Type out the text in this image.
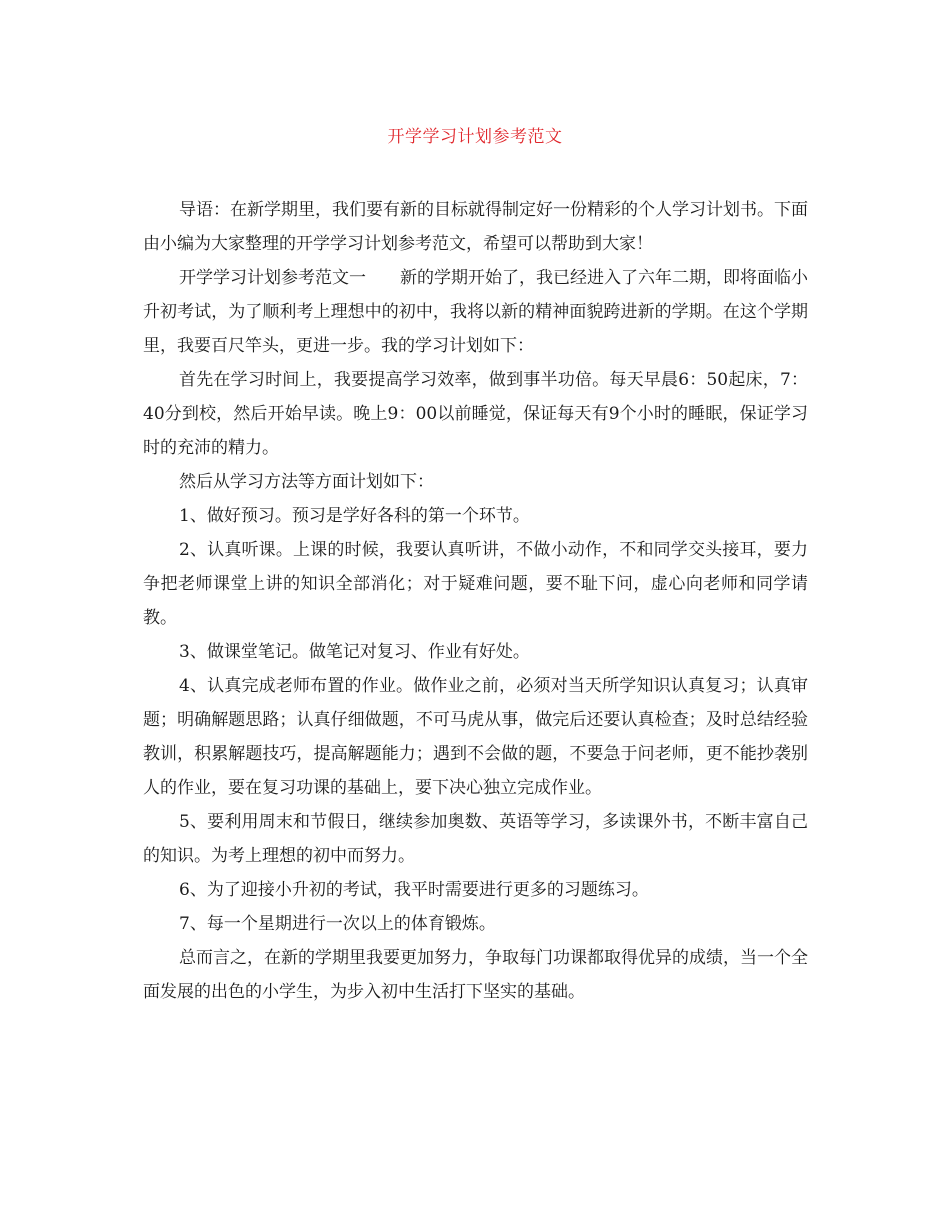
开学学习计划参考范文

导语：在新学期里，我们要有新的目标就得制定好一份精彩的个人学习计划书。下面由小编为大家整理的开学学习计划参考范文，希望可以帮助到大家！

开学学习计划参考范文一　　新的学期开始了，我已经进入了六年二期，即将面临小升初考试，为了顺利考上理想中的初中，我将以新的精神面貌跨进新的学期。在这个学期里，我要百尺竿头，更进一步。我的学习计划如下：

首先在学习时间上，我要提高学习效率，做到事半功倍。每天早晨6：50起床，7：40分到校，然后开始早读。晚上9：00以前睡觉，保证每天有9个小时的睡眠，保证学习时的充沛的精力。

然后从学习方法等方面计划如下：

1、做好预习。预习是学好各科的第一个环节。

2、认真听课。上课的时候，我要认真听讲，不做小动作，不和同学交头接耳，要力争把老师课堂上讲的知识全部消化；对于疑难问题，要不耻下问，虚心向老师和同学请教。

3、做课堂笔记。做笔记对复习、作业有好处。

4、认真完成老师布置的作业。做作业之前，必须对当天所学知识认真复习；认真审题；明确解题思路；认真仔细做题，不可马虎从事，做完后还要认真检查；及时总结经验教训，积累解题技巧，提高解题能力；遇到不会做的题，不要急于问老师，更不能抄袭别人的作业，要在复习功课的基础上，要下决心独立完成作业。

5、要利用周末和节假日，继续参加奥数、英语等学习，多读课外书，不断丰富自己的知识。为考上理想的初中而努力。

6、为了迎接小升初的考试，我平时需要进行更多的习题练习。

7、每一个星期进行一次以上的体育锻炼。

总而言之，在新的学期里我要更加努力，争取每门功课都取得优异的成绩，当一个全面发展的出色的小学生，为步入初中生活打下坚实的基础。
